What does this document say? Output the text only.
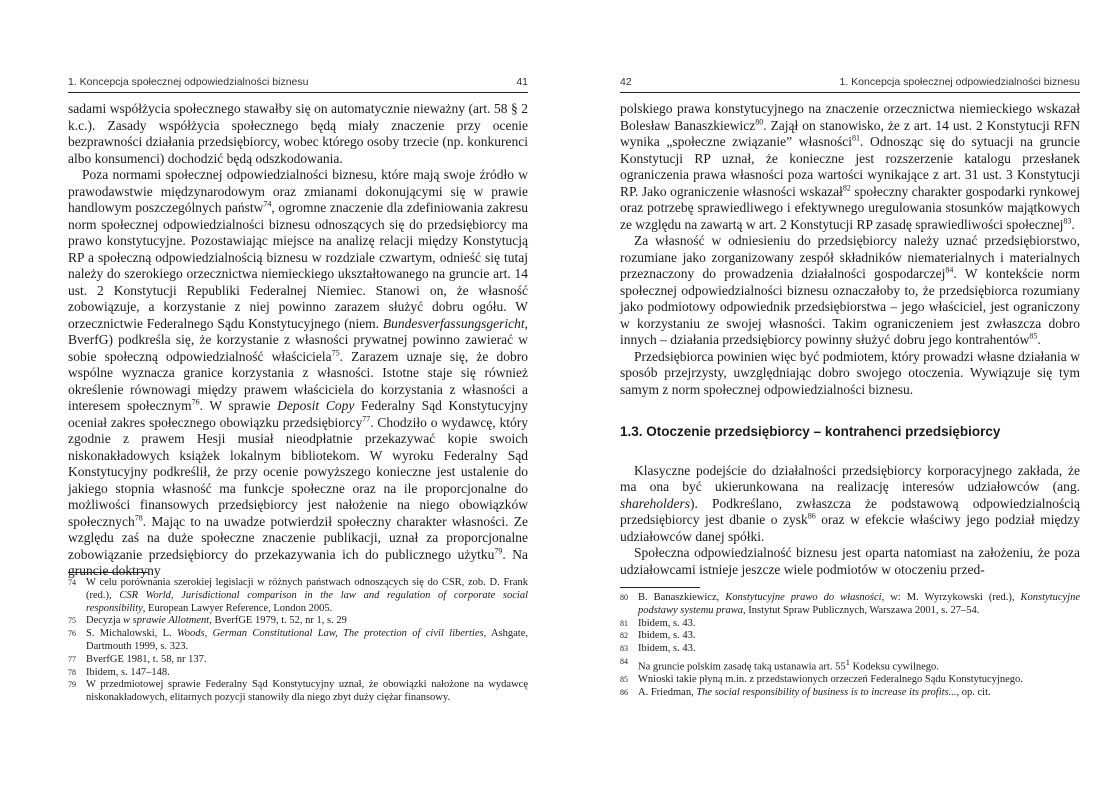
1. Koncepcja społecznej odpowiedzialności biznesu	41

sadami współżycia społecznego stawałby się on automatycznie nieważny (art. 58 § 2 k.c.). Zasady współżycia społecznego będą miały znaczenie przy ocenie bezprawności działania przedsiębiorcy, wobec którego osoby trzecie (np. konkurenci albo konsumenci) dochodzić będą odszkodowania.

Poza normami społecznej odpowiedzialności biznesu, które mają swoje źródło w prawodawstwie międzynarodowym oraz zmianami dokonującymi się w prawie handlowym poszczególnych państw$^{74}$, ogromne znaczenie dla zdefiniowania zakresu norm społecznej odpowiedzialności biznesu odnoszących się do przedsiębiorcy ma prawo konstytucyjne. Pozostawiając miejsce na analizę relacji między Konstytucją RP a społeczną odpowiedzialnością biznesu w rozdziale czwartym, odnieść się tutaj należy do szerokiego orzecznictwa niemieckiego ukształtowanego na gruncie art. 14 ust. 2 Konstytucji Republiki Federalnej Niemiec. Stanowi on, że własność zobowiązuje, a korzystanie z niej powinno zarazem służyć dobru ogółu. W orzecznictwie Federalnego Sądu Konstytucyjnego (niem. Bundesverfassungsgericht, BverfG) podkreśla się, że korzystanie z własności prywatnej powinno zawierać w sobie społeczną odpowiedzialność właściciela$^{75}$. Zarazem uznaje się, że dobro wspólne wyznacza granice korzystania z własności. Istotne staje się również określenie równowagi między prawem właściciela do korzystania z własności a interesem społecznym$^{76}$. W sprawie Deposit Copy Federalny Sąd Konstytucyjny oceniał zakres społecznego obowiązku przedsiębiorcy$^{77}$. Chodziło o wydawcę, który zgodnie z prawem Hesji musiał nieodpłatnie przekazywać kopie swoich niskonakładowych książek lokalnym bibliotekom. W wyroku Federalny Sąd Konstytucyjny podkreślił, że przy ocenie powyższego konieczne jest ustalenie do jakiego stopnia własność ma funkcje społeczne oraz na ile proporcjonalne do możliwości finansowych przedsiębiorcy jest nałożenie na niego obowiązków społecznych$^{78}$. Mając to na uwadze potwierdził społeczny charakter własności. Ze względu zaś na duże społeczne znaczenie publikacji, uznał za proporcjonalne zobowiązanie przedsiębiorcy do przekazywania ich do publicznego użytku$^{79}$. Na gruncie doktryny

74 W celu porównania szerokiej legislacji w różnych państwach odnoszących się do CSR, zob. D. Frank (red.), CSR World, Jurisdictional comparison in the law and regulation of corporate social responsibility, European Lawyer Reference, London 2005.
75 Decyzja w sprawie Allotment, BverfGE 1979, t. 52, nr 1, s. 29
76 S. Michalowski, L. Woods, German Constitutional Law, The protection of civil liberties, Ashgate, Dartmouth 1999, s. 323.
77 BverfGE 1981, t. 58, nr 137.
78 Ibidem, s. 147–148.
79 W przedmiotowej sprawie Federalny Sąd Konstytucyjny uznał, że obowiązki nałożone na wydawcę niskonakładowych, elitarnych pozycji stanowiły dla niego zbyt duży ciężar finansowy.
42	1. Koncepcja społecznej odpowiedzialności biznesu

polskiego prawa konstytucyjnego na znaczenie orzecznictwa niemieckiego wskazał Bolesław Banaszkiewicz$^{80}$. Zajął on stanowisko, że z art. 14 ust. 2 Konstytucji RFN wynika „społeczne związanie” własności$^{81}$. Odnosząc się do sytuacji na gruncie Konstytucji RP uznał, że konieczne jest rozszerzenie katalogu przesłanek ograniczenia prawa własności poza wartości wynikające z art. 31 ust. 3 Konstytucji RP. Jako ograniczenie własności wskazał$^{82}$ społeczny charakter gospodarki rynkowej oraz potrzebę sprawiedliwego i efektywnego uregulowania stosunków majątkowych ze względu na zawartą w art. 2 Konstytucji RP zasadę sprawiedliwości społecznej$^{83}$.

Za własność w odniesieniu do przedsiębiorcy należy uznać przedsiębiorstwo, rozumiane jako zorganizowany zespół składników niematerialnych i materialnych przeznaczony do prowadzenia działalności gospodarczej$^{84}$. W kontekście norm społecznej odpowiedzialności biznesu oznaczałoby to, że przedsiębiorca rozumiany jako podmiotowy odpowiednik przedsiębiorstwa – jego właściciel, jest ograniczony w korzystaniu ze swojej własności. Takim ograniczeniem jest zwłaszcza dobro innych – działania przedsiębiorcy powinny służyć dobru jego kontrahentów$^{85}$.

Przedsiębiorca powinien więc być podmiotem, który prowadzi własne działania w sposób przejrzysty, uwzględniając dobro swojego otoczenia. Wywiązuje się tym samym z norm społecznej odpowiedzialności biznesu.

1.3. Otoczenie przedsiębiorcy – kontrahenci przedsiębiorcy

Klasyczne podejście do działalności przedsiębiorcy korporacyjnego zakłada, że ma ona być ukierunkowana na realizację interesów udziałowców (ang. shareholders). Podkreślano, zwłaszcza że podstawową odpowiedzialnością przedsiębiorcy jest dbanie o zysk$^{86}$ oraz w efekcie właściwy jego podział między udziałowców danej spółki.

Społeczna odpowiedzialność biznesu jest oparta natomiast na założeniu, że poza udziałowcami istnieje jeszcze wiele podmiotów w otoczeniu przed-

80 B. Banaszkiewicz, Konstytucyjne prawo do własności, w: M. Wyrzykowski (red.), Konstytucyjne podstawy systemu prawa, Instytut Spraw Publicznych, Warszawa 2001, s. 27–54.
81 Ibidem, s. 43.
82 Ibidem, s. 43.
83 Ibidem, s. 43.
84 Na gruncie polskim zasadę taką ustanawia art. $55^1$ Kodeksu cywilnego.
85 Wnioski takie płyną m.in. z przedstawionych orzeczeń Federalnego Sądu Konstytucyjnego.
86 A. Friedman, The social responsibility of business is to increase its profits..., op. cit.
